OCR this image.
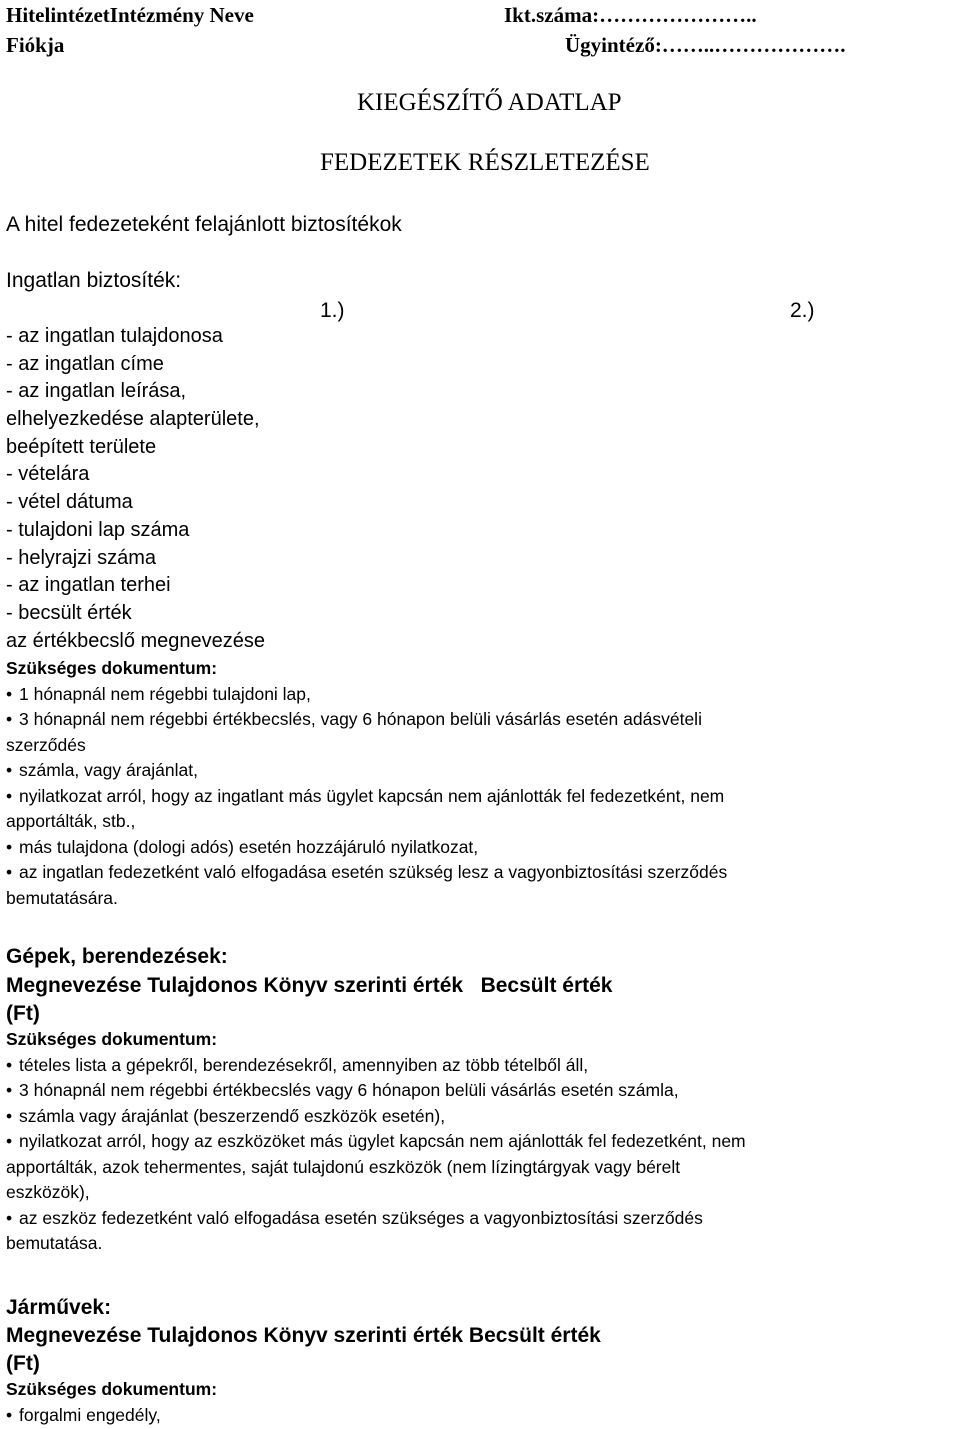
HitelintézetIntézmény Neve
Fiókja
Ikt.száma:…………………..
Ügyintéző:……..……………….
KIEGÉSZÍTŐ ADATLAP
FEDEZETEK RÉSZLETEZÉSE
A hitel fedezeteként felajánlott biztosítékok
Ingatlan biztosíték:
1.)	2.)
- az ingatlan tulajdonosa
- az ingatlan címe
- az ingatlan leírása,
elhelyezkedése alapterülete,
beépített területe
- vételára
- vétel dátuma
- tulajdoni lap száma
- helyrajzi száma
- az ingatlan terhei
- becsült érték
az értékbecslő megnevezése
Szükséges dokumentum:
• 1 hónapnál nem régebbi tulajdoni lap,
• 3 hónapnál nem régebbi értékbecslés, vagy 6 hónapon belüli vásárlás esetén adásvételi
szerződés
• számla, vagy árajánlat,
• nyilatkozat arról, hogy az ingatlant más ügylet kapcsán nem ajánlották fel fedezetként, nem
apportálták, stb.,
• más tulajdona (dologi adós) esetén hozzájáruló nyilatkozat,
• az ingatlan fedezetként való elfogadása esetén szükség lesz a vagyonbiztosítási szerződés
bemutatására.
Gépek, berendezések:
Megnevezése Tulajdonos Könyv szerinti érték   Becsült érték
(Ft)
Szükséges dokumentum:
• tételes lista a gépekről, berendezésekről, amennyiben az több tételből áll,
• 3 hónapnál nem régebbi értékbecslés vagy 6 hónapon belüli vásárlás esetén számla,
• számla vagy árajánlat (beszerzendő eszközök esetén),
• nyilatkozat arról, hogy az eszközöket más ügylet kapcsán nem ajánlották fel fedezetként, nem
apportálták, azok tehermentes, saját tulajdonú eszközök (nem lízingtárgyak vagy bérelt
eszközök),
• az eszköz fedezetként való elfogadása esetén szükséges a vagyonbiztosítási szerződés
bemutatása.
Járművek:
Megnevezése Tulajdonos Könyv szerinti érték Becsült érték
(Ft)
Szükséges dokumentum:
• forgalmi engedély,
